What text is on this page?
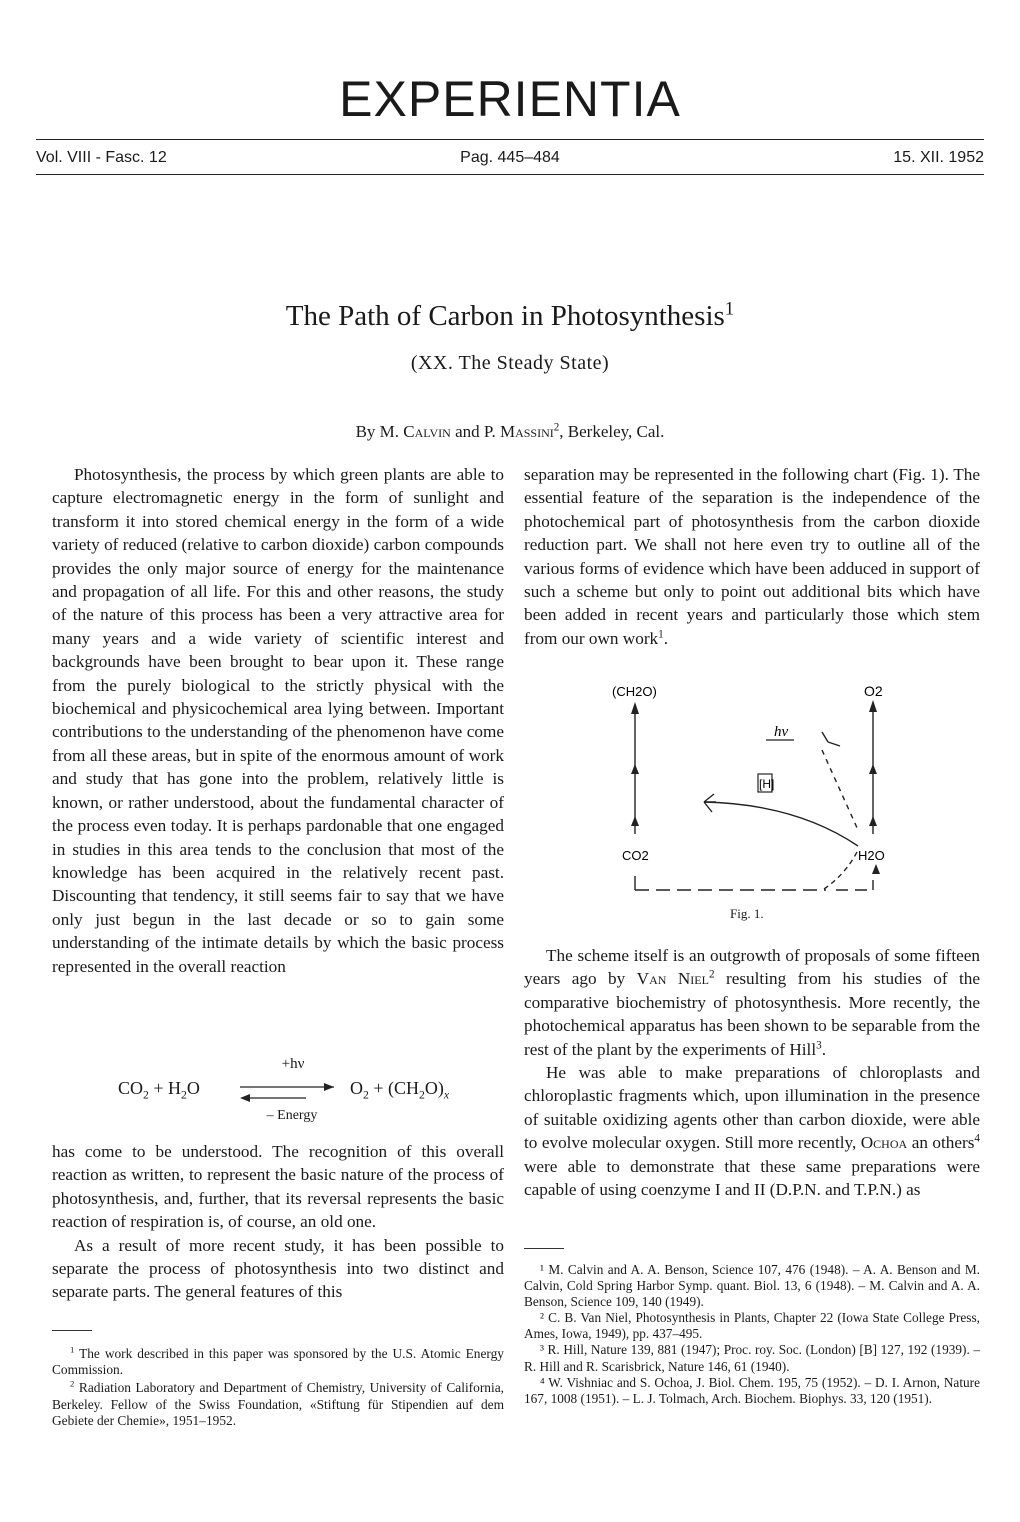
EXPERIENTIA
Vol. VIII - Fasc. 12	Pag. 445–484	15. XII. 1952
The Path of Carbon in Photosynthesis$^1$
(XX. The Steady State)
By M. Calvin and P. Massini$^2$, Berkeley, Cal.

Photosynthesis, the process by which green plants are able to capture electromagnetic energy in the form of sunlight and transform it into stored chemical energy in the form of a wide variety of reduced (relative to carbon dioxide) carbon compounds provides the only major source of energy for the maintenance and propagation of all life. For this and other reasons, the study of the nature of this process has been a very attractive area for many years and a wide variety of scientific interest and backgrounds have been brought to bear upon it. These range from the purely biological to the strictly physical with the biochemical and physicochemical area lying between. Important contributions to the understanding of the phenomenon have come from all these areas, but in spite of the enormous amount of work and study that has gone into the problem, relatively little is known, or rather understood, about the fundamental character of the process even today. It is perhaps pardonable that one engaged in studies in this area tends to the conclusion that most of the knowledge has been acquired in the relatively recent past. Discounting that tendency, it still seems fair to say that we have only just begun in the last decade or so to gain some understanding of the intimate details by which the basic process represented in the overall reaction

$CO_2 + H_2O$
+hν
– Energy
$O_2 + (CH_2O)_x$

has come to be understood. The recognition of this overall reaction as written, to represent the basic nature of the process of photosynthesis, and, further, that its reversal represents the basic reaction of respiration is, of course, an old one.

As a result of more recent study, it has been possible to separate the process of photosynthesis into two distinct and separate parts. The general features of this

$^1$ The work described in this paper was sponsored by the U.S. Atomic Energy Commission.

$^2$ Radiation Laboratory and Department of Chemistry, University of California, Berkeley. Fellow of the Swiss Foundation, «Stiftung für Stipendien auf dem Gebiete der Chemie», 1951–1952.

separation may be represented in the following chart (Fig. 1). The essential feature of the separation is the independence of the photochemical part of photosynthesis from the carbon dioxide reduction part. We shall not here even try to outline all of the various forms of evidence which have been adduced in support of such a scheme but only to point out additional bits which have been added in recent years and particularly those which stem from our own work$^1$.

(CH2O)	O2
hν
[H]
CO2	H2O
Fig. 1.

The scheme itself is an outgrowth of proposals of some fifteen years ago by Van Niel$^2$ resulting from his studies of the comparative biochemistry of photosynthesis. More recently, the photochemical apparatus has been shown to be separable from the rest of the plant by the experiments of Hill$^3$.

He was able to make preparations of chloroplasts and chloroplastic fragments which, upon illumination in the presence of suitable oxidizing agents other than carbon dioxide, were able to evolve molecular oxygen. Still more recently, Ochoa an others$^4$ were able to demonstrate that these same preparations were capable of using coenzyme I and II (D.P.N. and T.P.N.) as

¹ M. Calvin and A. A. Benson, Science 107, 476 (1948). – A. A. Benson and M. Calvin, Cold Spring Harbor Symp. quant. Biol. 13, 6 (1948). – M. Calvin and A. A. Benson, Science 109, 140 (1949).

² C. B. Van Niel, Photosynthesis in Plants, Chapter 22 (Iowa State College Press, Ames, Iowa, 1949), pp. 437–495.

³ R. Hill, Nature 139, 881 (1947); Proc. roy. Soc. (London) [B] 127, 192 (1939). – R. Hill and R. Scarisbrick, Nature 146, 61 (1940).

⁴ W. Vishniac and S. Ochoa, J. Biol. Chem. 195, 75 (1952). – D. I. Arnon, Nature 167, 1008 (1951). – L. J. Tolmach, Arch. Biochem. Biophys. 33, 120 (1951).
